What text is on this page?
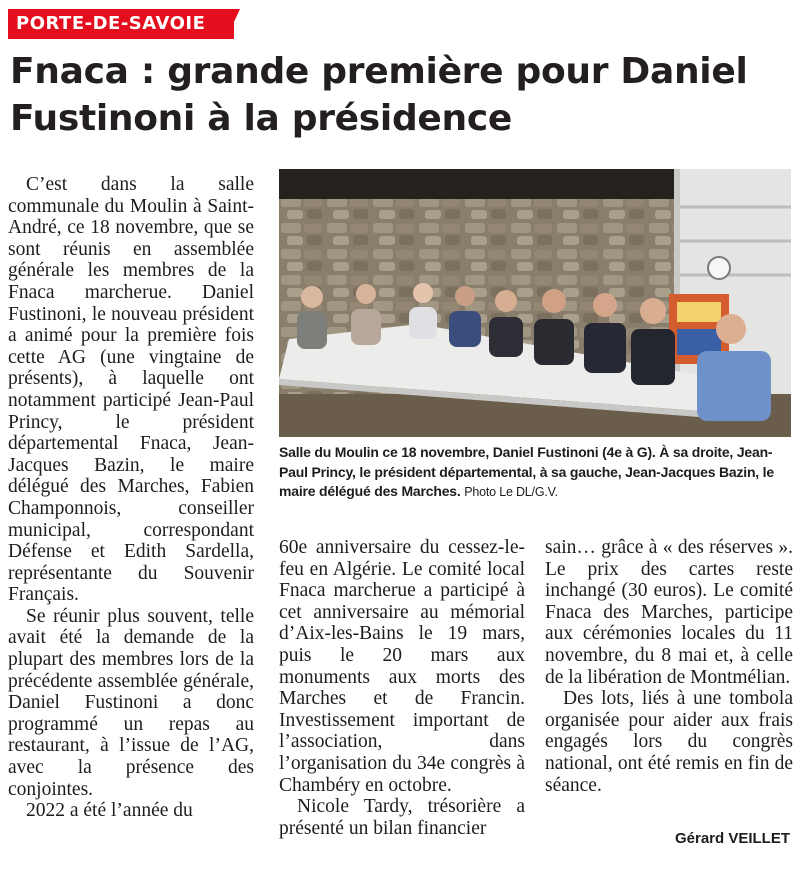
PORTE-DE-SAVOIE
Fnaca : grande première pour Daniel Fustinoni à la présidence

C’est dans la salle communale du Moulin à Saint-André, ce 18 novembre, que se sont réunis en assemblée générale les membres de la Fnaca marcherue. Daniel Fustinoni, le nouveau président a animé pour la première fois cette AG (une vingtaine de présents), à laquelle ont notamment participé Jean-Paul Princy, le président départemental Fnaca, Jean-Jacques Bazin, le maire délégué des Marches, Fabien Champonnois, conseiller municipal, correspondant Défense et Edith Sardella, représentante du Souvenir Français.

Se réunir plus souvent, telle avait été la demande de la plupart des membres lors de la précédente assemblée générale, Daniel Fustinoni a donc programmé un repas au restaurant, à l’issue de l’AG, avec la présence des conjointes.

2022 a été l’année du

Salle du Moulin ce 18 novembre, Daniel Fustinoni (4e à G). À sa droite, Jean-Paul Princy, le président départemental, à sa gauche, Jean-Jacques Bazin, le maire délégué des Marches. Photo Le DL/G.V.

60e anniversaire du cessez-le-feu en Algérie. Le comité local Fnaca marcherue a participé à cet anniversaire au mémorial d’Aix-les-Bains le 19 mars, puis le 20 mars aux monuments aux morts des Marches et de Francin. Investissement important de l’association, dans l’organisation du 34e congrès à Chambéry en octobre.

Nicole Tardy, trésorière a présenté un bilan financier

sain… grâce à « des réserves ». Le prix des cartes reste inchangé (30 euros). Le comité Fnaca des Marches, participe aux cérémonies locales du 11 novembre, du 8 mai et, à celle de la libération de Montmélian.

Des lots, liés à une tombola organisée pour aider aux frais engagés lors du congrès national, ont été remis en fin de séance.

Gérard VEILLET
